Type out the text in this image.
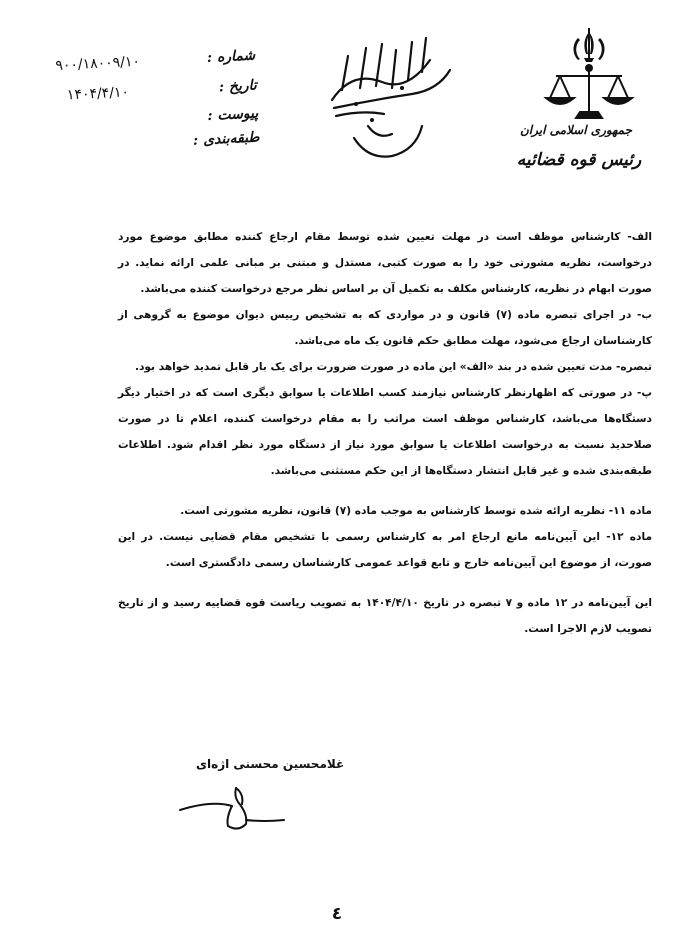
جمهوری اسلامی ایران
رئیس قوه قضائیه
شماره :
۹۰۰/۱۸۰۰۹/۱۰
تاریخ :
۱۴۰۴/۴/۱۰
پیوست :
طبقه‌بندی :

الف- کارشناس موظف است در مهلت تعیین شده توسط مقام ارجاع کننده مطابق موضوع مورد درخواست، نظریه مشورتی خود را به صورت کتبی، مستدل و مبتنی بر مبانی علمی ارائه نماید. در صورت ابهام در نظریه، کارشناس مکلف به تکمیل آن بر اساس نظر مرجع درخواست کننده می‌باشد.

ب- در اجرای تبصره ماده (۷) قانون و در مواردی که به تشخیص رییس دیوان موضوع به گروهی از کارشناسان ارجاع می‌شود، مهلت مطابق حکم قانون یک ماه می‌باشد.

تبصره- مدت تعیین شده در بند «الف» این ماده در صورت ضرورت برای یک بار قابل تمدید خواهد بود.

پ- در صورتی که اظهارنظر کارشناس نیازمند کسب اطلاعات یا سوابق دیگری است که در اختیار دیگر دستگاه‌ها می‌باشد، کارشناس موظف است مراتب را به مقام درخواست کننده، اعلام تا در صورت صلاحدید نسبت به درخواست اطلاعات یا سوابق مورد نیاز از دستگاه مورد نظر اقدام شود. اطلاعات طبقه‌بندی شده و غیر قابل انتشار دستگاه‌ها از این حکم مستثنی می‌باشد.

ماده ۱۱- نظریه ارائه شده توسط کارشناس به موجب ماده (۷) قانون، نظریه مشورتی است.

ماده ۱۲- این آیین‌نامه مانع ارجاع امر به کارشناس رسمی با تشخیص مقام قضایی نیست. در این صورت، از موضوع این آیین‌نامه خارج و تابع قواعد عمومی کارشناسان رسمی دادگستری است.

این آیین‌نامه در ۱۲ ماده و ۷ تبصره در تاریخ ۱۴۰۴/۴/۱۰ به تصویب ریاست قوه قضاییه رسید و از تاریخ تصویب لازم الاجرا است.

غلامحسین محسنی اژه‌ای
٤
